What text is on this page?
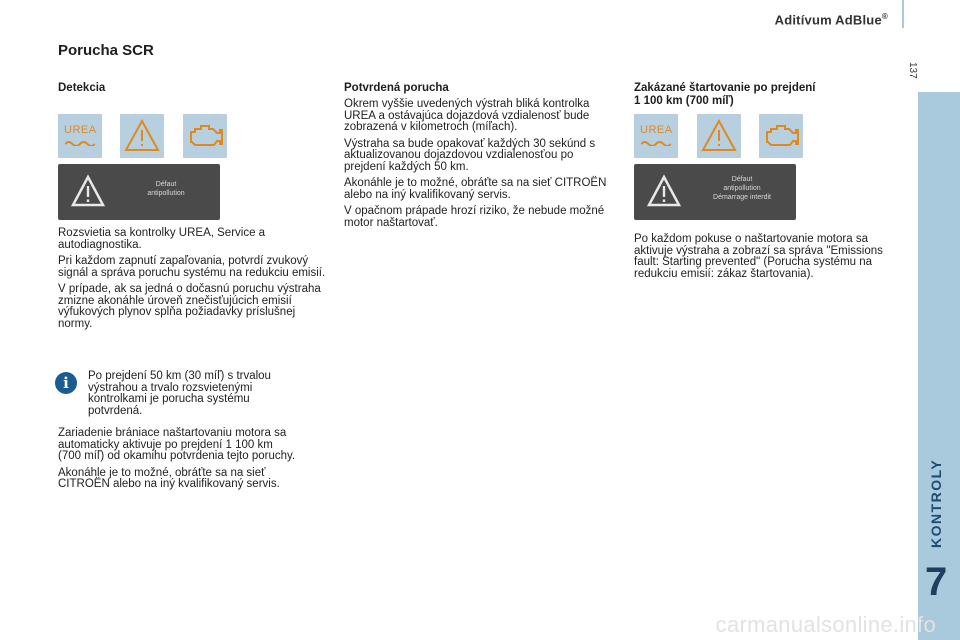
Aditívum AdBlue®
137
KONTROLY
7
Porucha SCR
Detekcia
UREA
Défaut
antipollution

Rozsvietia sa kontrolky UREA, Service a autodiagnostika.

Pri každom zapnutí zapaľovania, potvrdí zvukový signál a správa poruchu systému na redukciu emisií.

V prípade, ak sa jedná o dočasnú poruchu výstraha zmizne akonáhle úroveň znečisťujúcich emisií výfukových plynov splňa požiadavky príslušnej normy.

i	Po prejdení 50 km (30 míľ) s trvalou výstrahou a trvalo rozsvietenými kontrolkami je porucha systému potvrdená.

Zariadenie brániace naštartovaniu motora sa automaticky aktivuje po prejdení 1 100 km (700 míľ) od okamihu potvrdenia tejto poruchy.

Akonáhle je to možné, obráťte sa na sieť CITROËN alebo na iný kvalifikovaný servis.

Potvrdená porucha

Okrem vyššie uvedených výstrah bliká kontrolka UREA a ostávajúca dojazdová vzdialenosť bude zobrazená v kilometroch (míľach).

Výstraha sa bude opakovať každých 30 sekúnd s aktualizovanou dojazdovou vzdialenosťou po prejdení každých 50 km.

Akonáhle je to možné, obráťte sa na sieť CITROËN alebo na iný kvalifikovaný servis.

V opačnom prápade hrozí riziko, že nebude možné motor naštartovať.

Zakázané štartovanie po prejdení
1 100 km (700 míľ)
UREA
Défaut
antipollution
Démarrage interdit

Po každom pokuse o naštartovanie motora sa aktivuje výstraha a zobrazí sa správa "Emissions fault: Starting prevented" (Porucha systému na redukciu emisií: zákaz štartovania).

carmanualsonline.info
